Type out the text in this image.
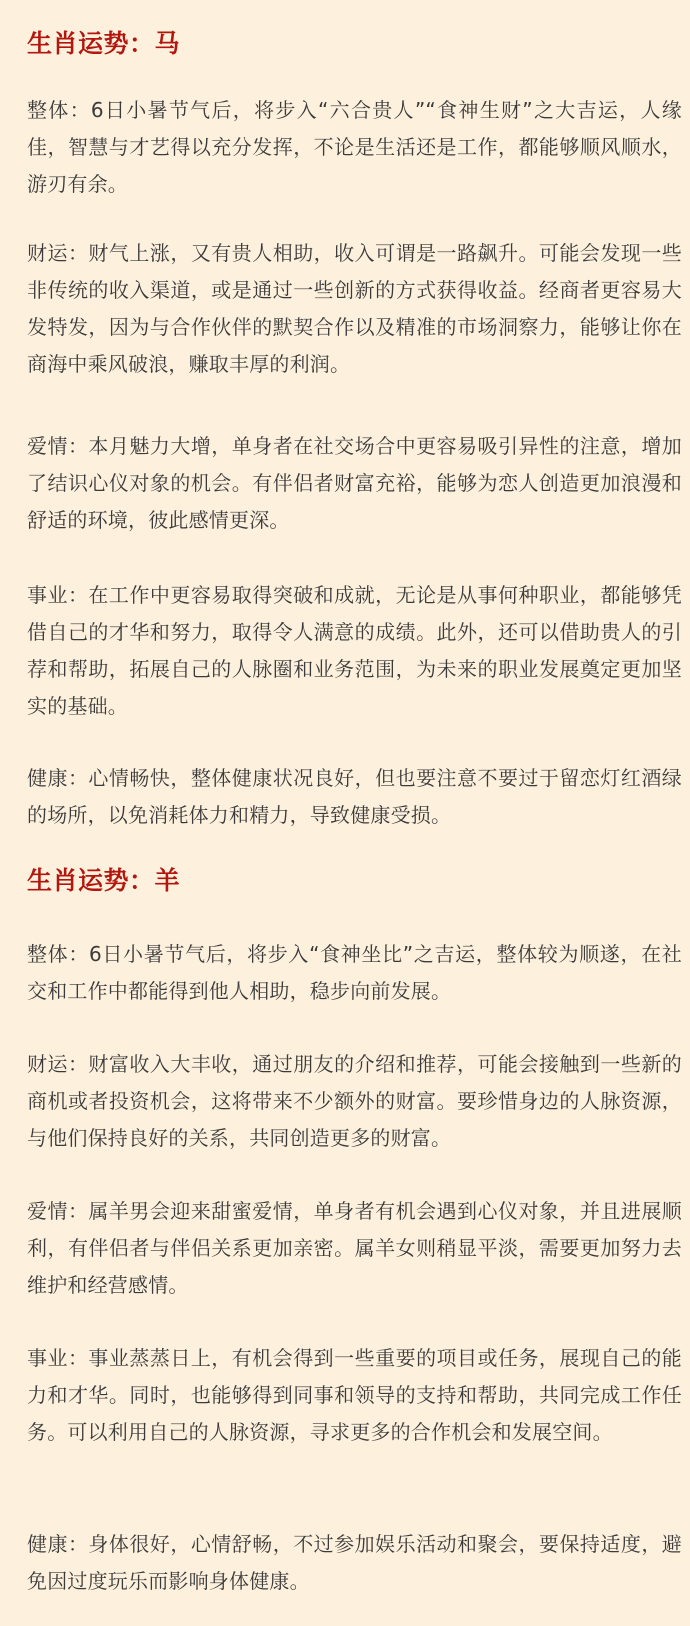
生肖运势：马

整体：6日小暑节气后，将步入“六合贵人”“食神生财”之大吉运，人缘佳，智慧与才艺得以充分发挥，不论是生活还是工作，都能够顺风顺水，游刃有余。

财运：财气上涨，又有贵人相助，收入可谓是一路飙升。可能会发现一些非传统的收入渠道，或是通过一些创新的方式获得收益。经商者更容易大发特发，因为与合作伙伴的默契合作以及精准的市场洞察力，能够让你在商海中乘风破浪，赚取丰厚的利润。

爱情：本月魅力大增，单身者在社交场合中更容易吸引异性的注意，增加了结识心仪对象的机会。有伴侣者财富充裕，能够为恋人创造更加浪漫和舒适的环境，彼此感情更深。

事业：在工作中更容易取得突破和成就，无论是从事何种职业，都能够凭借自己的才华和努力，取得令人满意的成绩。此外，还可以借助贵人的引荐和帮助，拓展自己的人脉圈和业务范围，为未来的职业发展奠定更加坚实的基础。

健康：心情畅快，整体健康状况良好，但也要注意不要过于留恋灯红酒绿的场所，以免消耗体力和精力，导致健康受损。

生肖运势：羊

整体：6日小暑节气后，将步入“食神坐比”之吉运，整体较为顺遂，在社交和工作中都能得到他人相助，稳步向前发展。

财运：财富收入大丰收，通过朋友的介绍和推荐，可能会接触到一些新的商机或者投资机会，这将带来不少额外的财富。要珍惜身边的人脉资源，与他们保持良好的关系，共同创造更多的财富。

爱情：属羊男会迎来甜蜜爱情，单身者有机会遇到心仪对象，并且进展顺利，有伴侣者与伴侣关系更加亲密。属羊女则稍显平淡，需要更加努力去维护和经营感情。

事业：事业蒸蒸日上，有机会得到一些重要的项目或任务，展现自己的能力和才华。同时，也能够得到同事和领导的支持和帮助，共同完成工作任务。可以利用自己的人脉资源，寻求更多的合作机会和发展空间。

健康：身体很好，心情舒畅，不过参加娱乐活动和聚会，要保持适度，避免因过度玩乐而影响身体健康。
